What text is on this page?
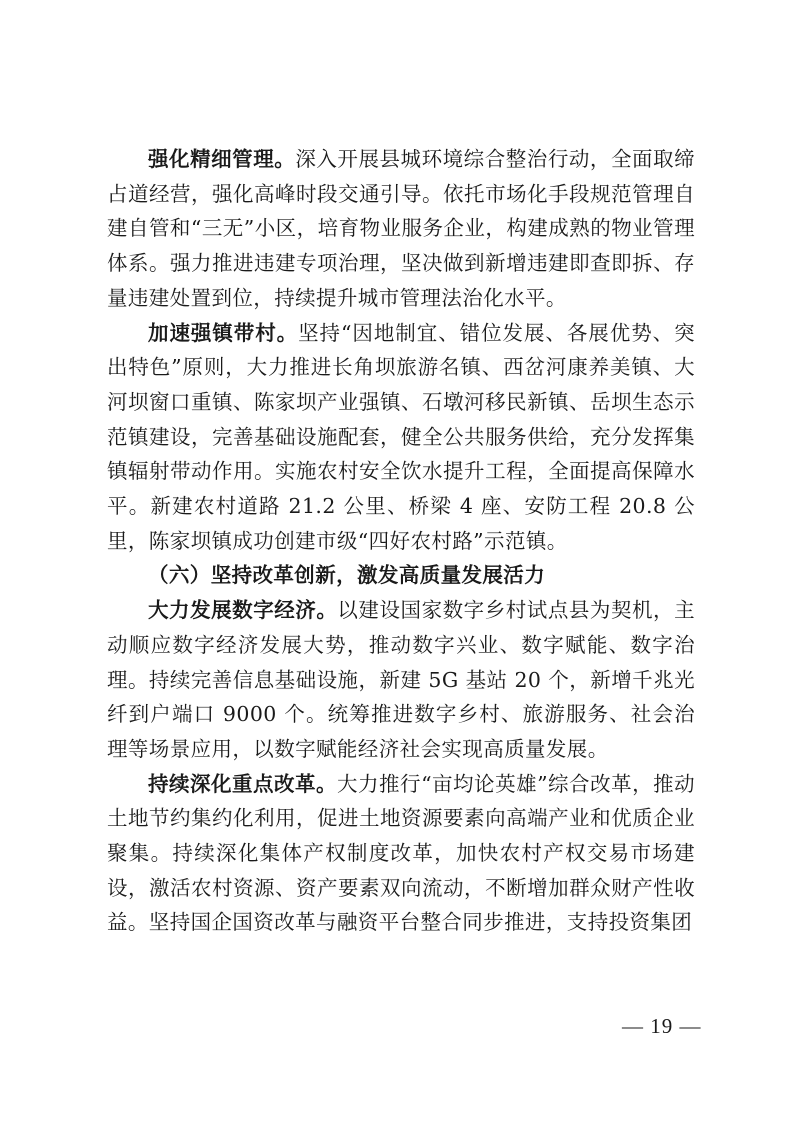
强化精细管理。深入开展县城环境综合整治行动，全面取缔占道经营，强化高峰时段交通引导。依托市场化手段规范管理自建自管和“三无”小区，培育物业服务企业，构建成熟的物业管理体系。强力推进违建专项治理，坚决做到新增违建即查即拆、存量违建处置到位，持续提升城市管理法治化水平。

加速强镇带村。坚持“因地制宜、错位发展、各展优势、突出特色”原则，大力推进长角坝旅游名镇、西岔河康养美镇、大河坝窗口重镇、陈家坝产业强镇、石墩河移民新镇、岳坝生态示范镇建设，完善基础设施配套，健全公共服务供给，充分发挥集镇辐射带动作用。实施农村安全饮水提升工程，全面提高保障水平。新建农村道路 21.2 公里、桥梁 4 座、安防工程 20.8 公里，陈家坝镇成功创建市级“四好农村路”示范镇。

（六）坚持改革创新，激发高质量发展活力

大力发展数字经济。以建设国家数字乡村试点县为契机，主动顺应数字经济发展大势，推动数字兴业、数字赋能、数字治理。持续完善信息基础设施，新建 5G 基站 20 个，新增千兆光纤到户端口 9000 个。统筹推进数字乡村、旅游服务、社会治理等场景应用，以数字赋能经济社会实现高质量发展。

持续深化重点改革。大力推行“亩均论英雄”综合改革，推动土地节约集约化利用，促进土地资源要素向高端产业和优质企业聚集。持续深化集体产权制度改革，加快农村产权交易市场建设，激活农村资源、资产要素双向流动，不断增加群众财产性收益。坚持国企国资改革与融资平台整合同步推进，支持投资集团

— 19 —
